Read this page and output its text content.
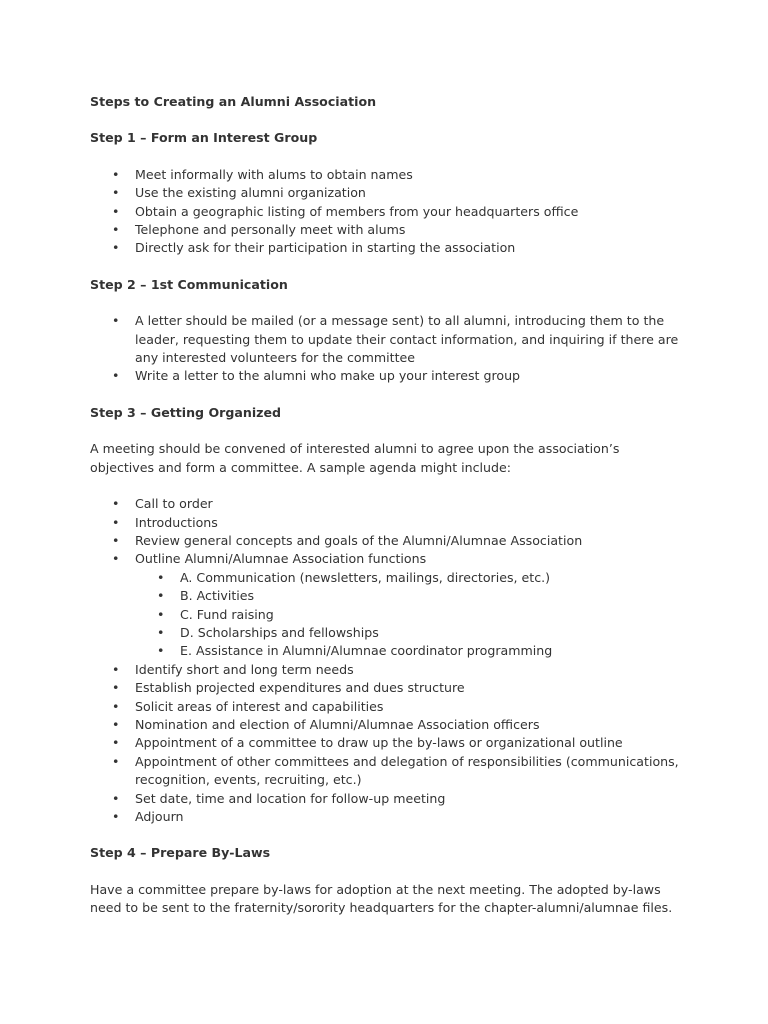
Steps to Creating an Alumni Association
Step 1 – Form an Interest Group
• Meet informally with alums to obtain names
• Use the existing alumni organization
• Obtain a geographic listing of members from your headquarters office
• Telephone and personally meet with alums
• Directly ask for their participation in starting the association
Step 2 – 1st Communication
• A letter should be mailed (or a message sent) to all alumni, introducing them to the leader, requesting them to update their contact information, and inquiring if there are any interested volunteers for the committee
• Write a letter to the alumni who make up your interest group
Step 3 – Getting Organized

A meeting should be convened of interested alumni to agree upon the association’s objectives and form a committee. A sample agenda might include:

• Call to order
• Introductions
• Review general concepts and goals of the Alumni/Alumnae Association
• Outline Alumni/Alumnae Association functions
• A. Communication (newsletters, mailings, directories, etc.)
• B. Activities
• C. Fund raising
• D. Scholarships and fellowships
• E. Assistance in Alumni/Alumnae coordinator programming
• Identify short and long term needs
• Establish projected expenditures and dues structure
• Solicit areas of interest and capabilities
• Nomination and election of Alumni/Alumnae Association officers
• Appointment of a committee to draw up the by-laws or organizational outline
• Appointment of other committees and delegation of responsibilities (communications, recognition, events, recruiting, etc.)
• Set date, time and location for follow-up meeting
• Adjourn
Step 4 – Prepare By-Laws

Have a committee prepare by-laws for adoption at the next meeting. The adopted by-laws need to be sent to the fraternity/sorority headquarters for the chapter-alumni/alumnae files.
